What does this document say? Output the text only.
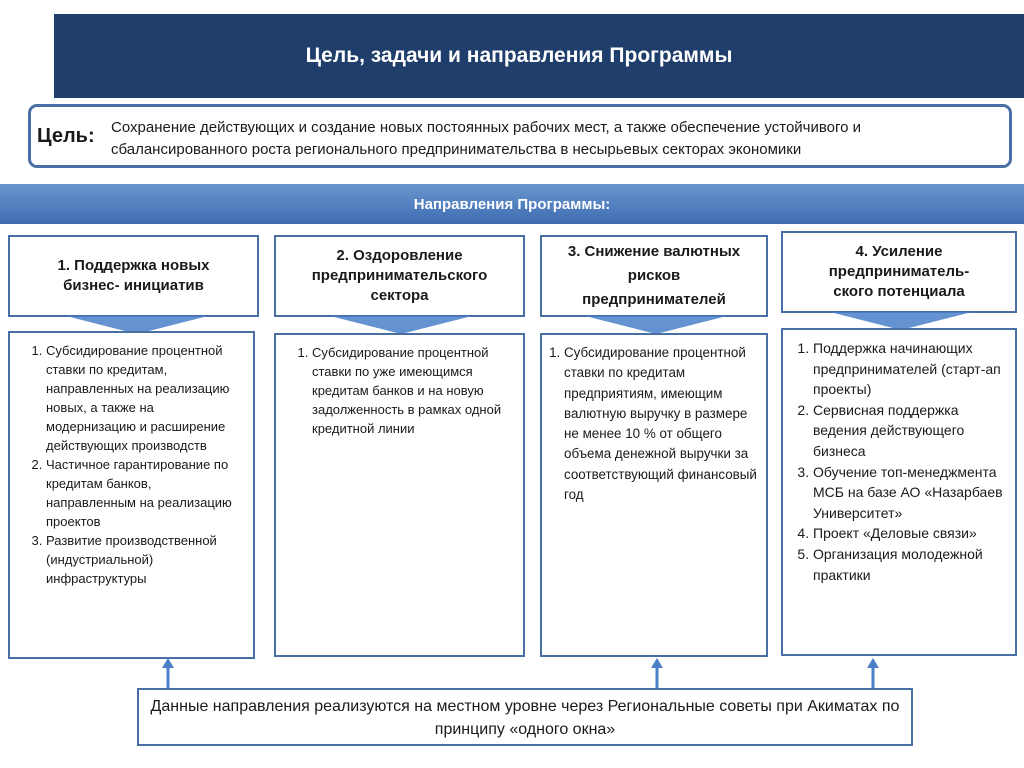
Цель, задачи и направления Программы
Цель: Сохранение действующих и создание новых постоянных рабочих мест, а также обеспечение устойчивого и сбалансированного роста регионального предпринимательства в несырьевых секторах экономики
Направления Программы:
1. Поддержка новых
бизнес- инициатив
1. Субсидирование процентной ставки по кредитам, направленных на реализацию новых, а также на модернизацию и расширение действующих производств
2. Частичное гарантирование по кредитам банков, направленным на реализацию проектов
3. Развитие производственной (индустриальной) инфраструктуры
2. Оздоровление
предпринимательского
сектора
1. Субсидирование процентной ставки по уже имеющимся кредитам банков и на новую задолженность в рамках одной кредитной линии
3. Снижение валютных
рисков
предпринимателей
1. Субсидирование процентной ставки по кредитам предприятиям, имеющим валютную выручку в размере не менее 10 % от общего объема денежной выручки за соответствующий финансовый год
4. Усиление
предприниматель-
ского потенциала
1. Поддержка начинающих предпринимателей (старт-ап проекты)
2. Сервисная поддержка ведения действующего бизнеса
3. Обучение топ-менеджмента МСБ на базе АО «Назарбаев Университет»
4. Проект «Деловые связи»
5. Организация молодежной практики
Данные направления реализуются на местном уровне через Региональные советы при Акиматах по принципу «одного окна»
